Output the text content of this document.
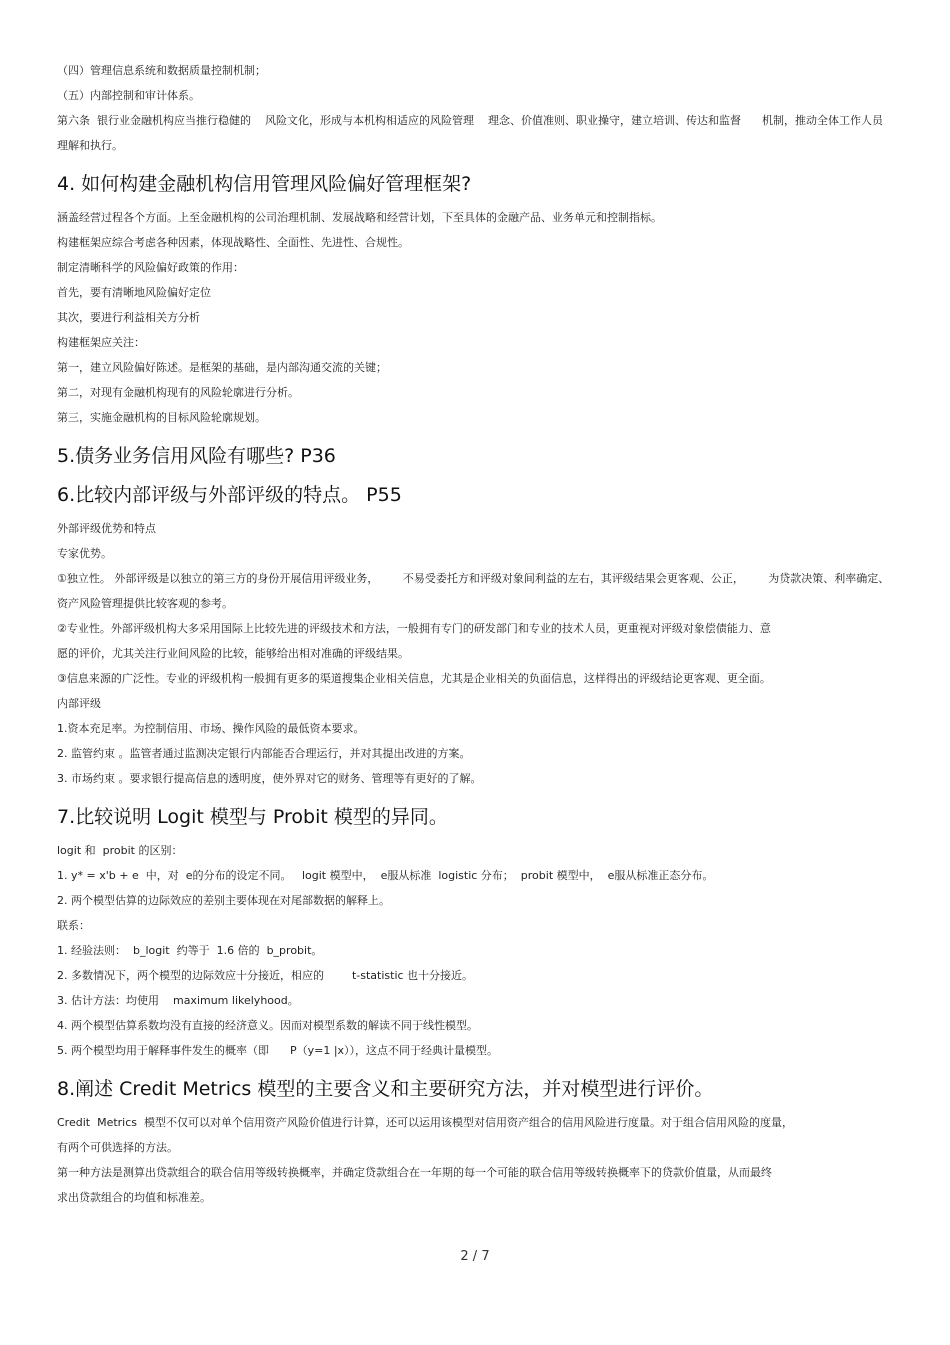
（四）管理信息系统和数据质量控制机制；

（五）内部控制和审计体系。

第六条  银行业金融机构应当推行稳健的    风险文化，形成与本机构相适应的风险管理    理念、价值准则、职业操守，建立培训、传达和监督      机制，推动全体工作人员理解和执行。

4. 如何构建金融机构信用管理风险偏好管理框架?

涵盖经营过程各个方面。上至金融机构的公司治理机制、发展战略和经营计划，下至具体的金融产品、业务单元和控制指标。

构建框架应综合考虑各种因素，体现战略性、全面性、先进性、合规性。

制定清晰科学的风险偏好政策的作用：

首先，要有清晰地风险偏好定位

其次，要进行利益相关方分析

构建框架应关注：

第一，建立风险偏好陈述。是框架的基础，是内部沟通交流的关键；

第二，对现有金融机构现有的风险轮廓进行分析。

第三，实施金融机构的目标风险轮廓规划。

5.债务业务信用风险有哪些? P36
6.比较内部评级与外部评级的特点。 P55

外部评级优势和特点

专家优势。

①独立性。 外部评级是以独立的第三方的身份开展信用评级业务，       不易受委托方和评级对象间利益的左右，其评级结果会更客观、公正，       为贷款决策、利率确定、资产风险管理提供比较客观的参考。

②专业性。外部评级机构大多采用国际上比较先进的评级技术和方法，一般拥有专门的研发部门和专业的技术人员，更重视对评级对象偿债能力、意

愿的评价，尤其关注行业间风险的比较，能够给出相对准确的评级结果。

③信息来源的广泛性。专业的评级机构一般拥有更多的渠道搜集企业相关信息，尤其是企业相关的负面信息，这样得出的评级结论更客观、更全面。

内部评级

1.资本充足率。为控制信用、市场、操作风险的最低资本要求。

2. 监管约束 。监管者通过监测决定银行内部能否合理运行，并对其提出改进的方案。

3. 市场约束 。要求银行提高信息的透明度，使外界对它的财务、管理等有更好的了解。

7.比较说明 Logit 模型与 Probit 模型的异同。

logit 和  probit 的区别：

1. y* = x'b + e  中，对  e的分布的设定不同。   logit 模型中，  e服从标准  logistic 分布；  probit 模型中，  e服从标准正态分布。

2. 两个模型估算的边际效应的差别主要体现在对尾部数据的解释上。

联系：

1. 经验法则：  b_logit  约等于  1.6 倍的  b_probit。

2. 多数情况下，两个模型的边际效应十分接近，相应的        t-statistic 也十分接近。

3. 估计方法：均使用    maximum likelyhood。

4. 两个模型估算系数均没有直接的经济意义。因而对模型系数的解读不同于线性模型。

5. 两个模型均用于解释事件发生的概率（即      P（y=1 |x）），这点不同于经典计量模型。

8.阐述 Credit Metrics 模型的主要含义和主要研究方法，并对模型进行评价。

Credit  Metrics  模型不仅可以对单个信用资产风险价值进行计算，还可以运用该模型对信用资产组合的信用风险进行度量。对于组合信用风险的度量，

有两个可供选择的方法。

第一种方法是测算出贷款组合的联合信用等级转换概率，并确定贷款组合在一年期的每一个可能的联合信用等级转换概率下的贷款价值量，从而最终

求出贷款组合的均值和标准差。

2 / 7
